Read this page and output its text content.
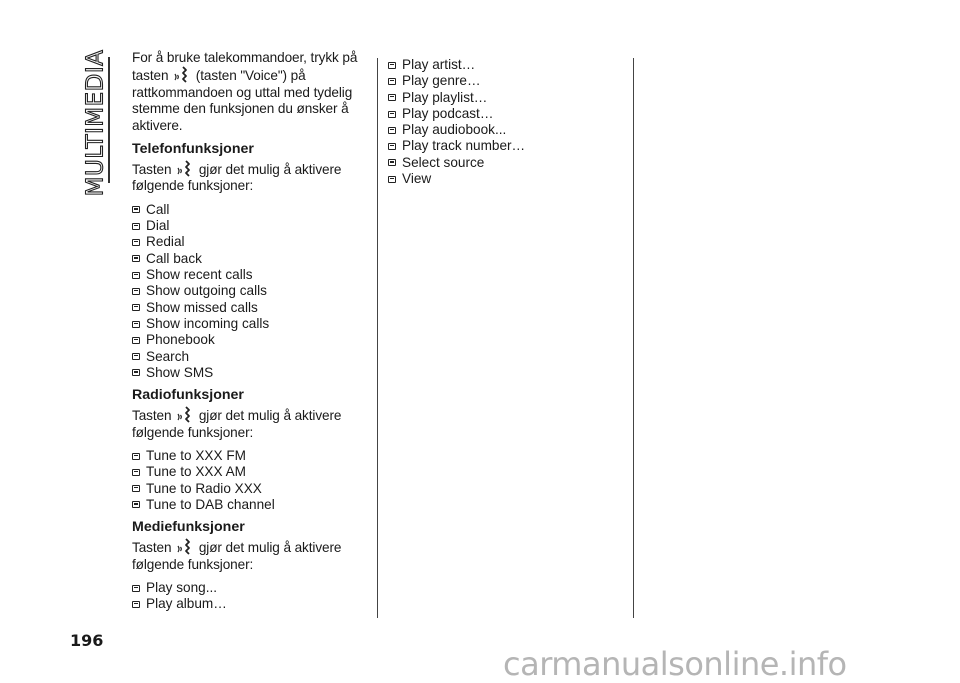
MULTIMEDIA For å bruke talekommandoer, trykk på tasten  (tasten "Voice") på rattkommandoen og uttal med tydelig stemme den funksjonen du ønsker å aktivere.

Telefonfunksjoner

Tasten  gjør det mulig å aktivere følgende funksjoner:

Call
Dial
Redial
Call back
Show recent calls
Show outgoing calls
Show missed calls
Show incoming calls
Phonebook
Search
Show SMS
Radiofunksjoner

Tasten  gjør det mulig å aktivere følgende funksjoner:

Tune to XXX FM
Tune to XXX AM
Tune to Radio XXX
Tune to DAB channel
Mediefunksjoner

Tasten  gjør det mulig å aktivere følgende funksjoner:

Play song...
Play album…
Play artist…
Play genre…
Play playlist…
Play podcast…
Play audiobook...
Play track number…
Select source
View
196
carmanualsonline.info
